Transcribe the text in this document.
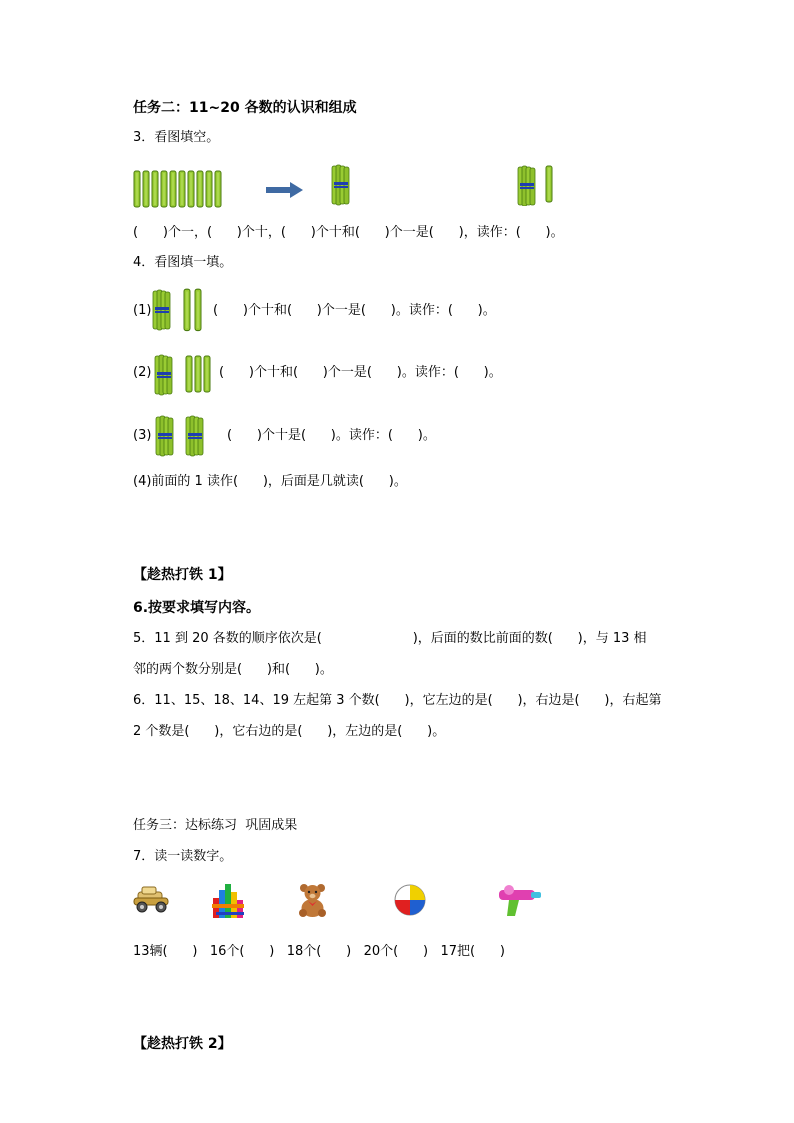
任务二：11~20 各数的认识和组成
3．看图填空。
(      )个一，(      )个十，(      )个十和(      )个一是(      )，读作：(      )。
4．看图填一填。
(1)	(      )个十和(      )个一是(      )。读作：(      )。
(2)	(      )个十和(      )个一是(      )。读作：(      )。
(3)	(      )个十是(      )。读作：(      )。
(4)前面的 1 读作(      )，后面是几就读(      )。
【趁热打铁 1】
6.按要求填写内容。
5．11 到 20 各数的顺序依次是(                      )，后面的数比前面的数(      )，与 13 相
邻的两个数分别是(      )和(      )。
6．11、15、18、14、19 左起第 3 个数(      )，它左边的是(      )，右边是(      )，右起第
2 个数是(      )，它右边的是(      )，左边的是(      )。
任务三：达标练习  巩固成果
7．读一读数字。
13辆(      )   16个(      )   18个(      )   20个(      )   17把(      )
【趁热打铁 2】
